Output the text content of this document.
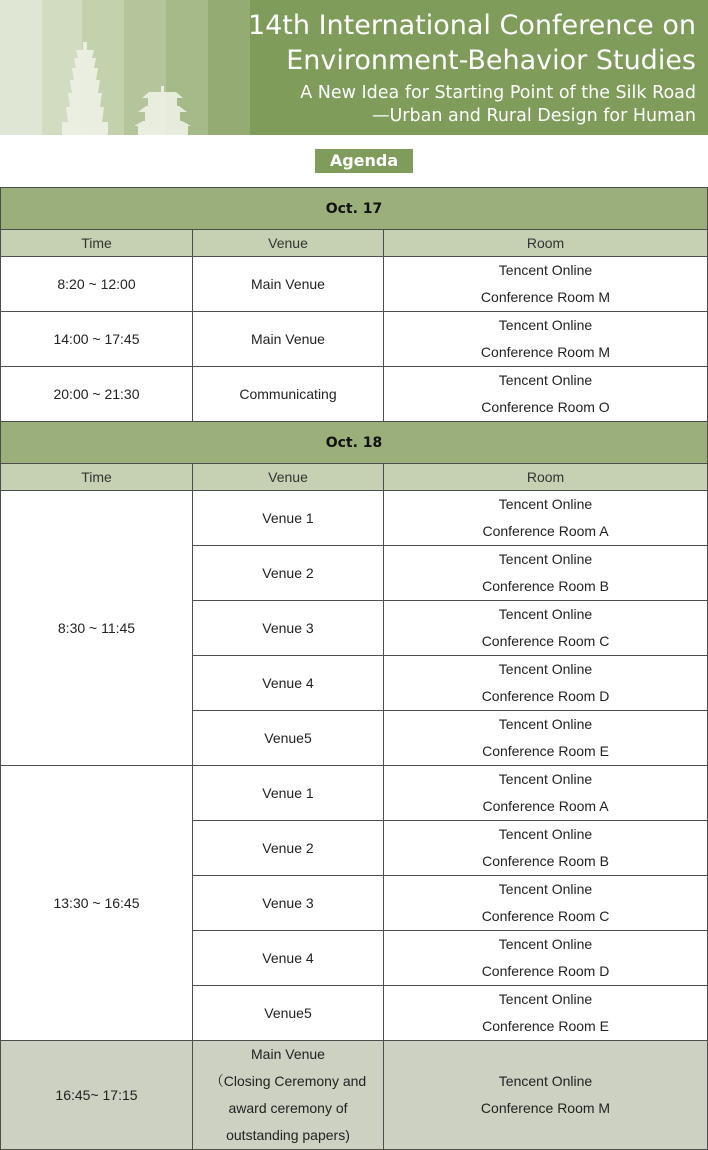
14th International Conference on
Environment-Behavior Studies
A New Idea for Starting Point of the Silk Road
—Urban and Rural Design for Human
Agenda
Oct. 17		
Time	Venue	Room
8:20 ~ 12:00	Main Venue	Tencent Online
Conference Room M

14:00 ~ 17:45	Main Venue	Tencent Online
Conference Room M

20:00 ~ 21:30	Communicating	Tencent Online
Conference Room O

Oct. 18		
Time	Venue	Room
8:30 ~ 11:45	Venue 1	Tencent Online
Conference Room A

	Venue 2	Tencent Online
Conference Room B

	Venue 3	Tencent Online
Conference Room C

	Venue 4	Tencent Online
Conference Room D

	Venue5	Tencent Online
Conference Room E

13:30 ~ 16:45	Venue 1	Tencent Online
Conference Room A

	Venue 2	Tencent Online
Conference Room B

	Venue 3	Tencent Online
Conference Room C

	Venue 4	Tencent Online
Conference Room D

	Venue5	Tencent Online
Conference Room E

16:45~ 17:15	Main Venue
（Closing Ceremony and
award ceremony of
outstanding papers)	Tencent Online
Conference Room M
